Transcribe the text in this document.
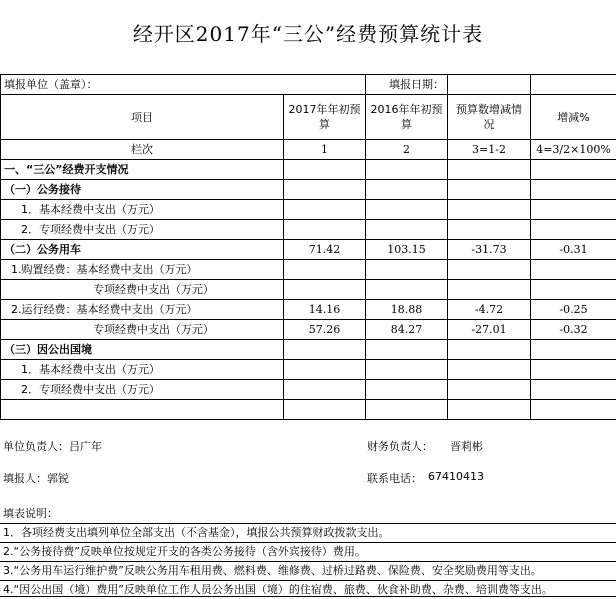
经开区2017年“三公”经费预算统计表
填报单位（盖章）：		填报日期：		
项目	2017年年初预算	2016年年初预算	预算数增减情况	增减%
栏次	1	2	3=1-2	4=3/2×100%
一、“三公”经费开支情况				
（一）公务接待				
1．基本经费中支出（万元）				
2．专项经费中支出（万元）				
（二）公务用车	71.42	103.15	-31.73	-0.31
1.购置经费：基本经费中支出（万元）				
专项经费中支出（万元）				
2.运行经费：基本经费中支出（万元）	14.16	18.88	-4.72	-0.25
专项经费中支出（万元）	57.26	84.27	-27.01	-0.32
（三）因公出国境				
1．基本经费中支出（万元）				
2．专项经费中支出（万元）				

单位负责人：吕广年	财务负责人： 晋莉彬
填报人：郭锐	联系电话： 67410413
填表说明：
1．各项经费支出填列单位全部支出（不含基金），填报公共预算财政拨款支出。
2.“公务接待费”反映单位按规定开支的各类公务接待（含外宾接待）费用。
3.“公务用车运行维护费”反映公务用车租用费、燃料费、维修费、过桥过路费、保险费、安全奖励费用等支出。
4.“因公出国（境）费用”反映单位工作人员公务出国（境）的住宿费、旅费、伙食补助费、杂费、培训费等支出。
